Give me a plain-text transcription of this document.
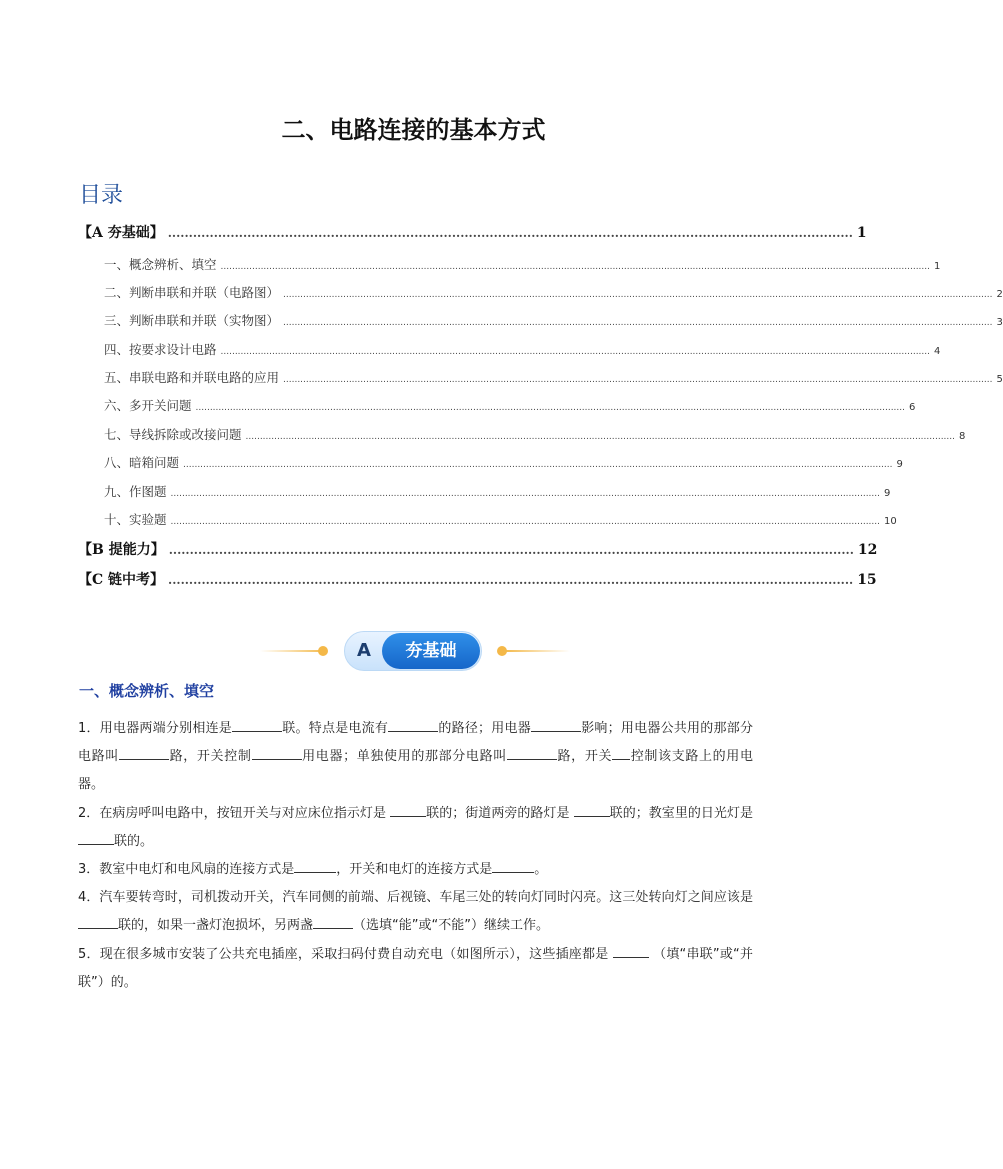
二、电路连接的基本方式
目录
【A 夯基础】 .................................................................................................................................................................... 1
一、概念辨析、填空 ........................................................................................................................................................................................................................................................ 1
二、判断串联和并联（电路图） ........................................................................................................................................................................................................................................................ 2
三、判断串联和并联（实物图） ........................................................................................................................................................................................................................................................ 3
四、按要求设计电路 ........................................................................................................................................................................................................................................................ 4
五、串联电路和并联电路的应用 ........................................................................................................................................................................................................................................................ 5
六、多开关问题 ........................................................................................................................................................................................................................................................ 6
七、导线拆除或改接问题 ........................................................................................................................................................................................................................................................ 8
八、暗箱问题 ........................................................................................................................................................................................................................................................ 9
九、作图题 ........................................................................................................................................................................................................................................................ 9
十、实验题 ........................................................................................................................................................................................................................................................ 10
【B 提能力】 .................................................................................................................................................................... 12
【C 链中考】 .................................................................................................................................................................... 15
A	夯基础
一、概念辨析、填空
1．用电器两端分别相连是	联。特点是电流有	的路径；用电器	影响；用电器公共用的那部分电路叫	路，开关控制	用电器；单独使用的那部分电路叫	路，开关 控制该支路上的用电器。
2．在病房呼叫电路中，按钮开关与对应床位指示灯是	联的；街道两旁的路灯是	联的；教室里的日光灯是 联的。
3．教室中电灯和电风扇的连接方式是	，开关和电灯的连接方式是	。
4．汽车要转弯时，司机拨动开关，汽车同侧的前端、后视镜、车尾三处的转向灯同时闪亮。这三处转向灯之间应该是联的，如果一盏灯泡损坏，另两盏	（选填“能”或“不能”）继续工作。
5．现在很多城市安装了公共充电插座，采取扫码付费自动充电（如图所示），这些插座都是	（填“串联”或“并联”）的。
